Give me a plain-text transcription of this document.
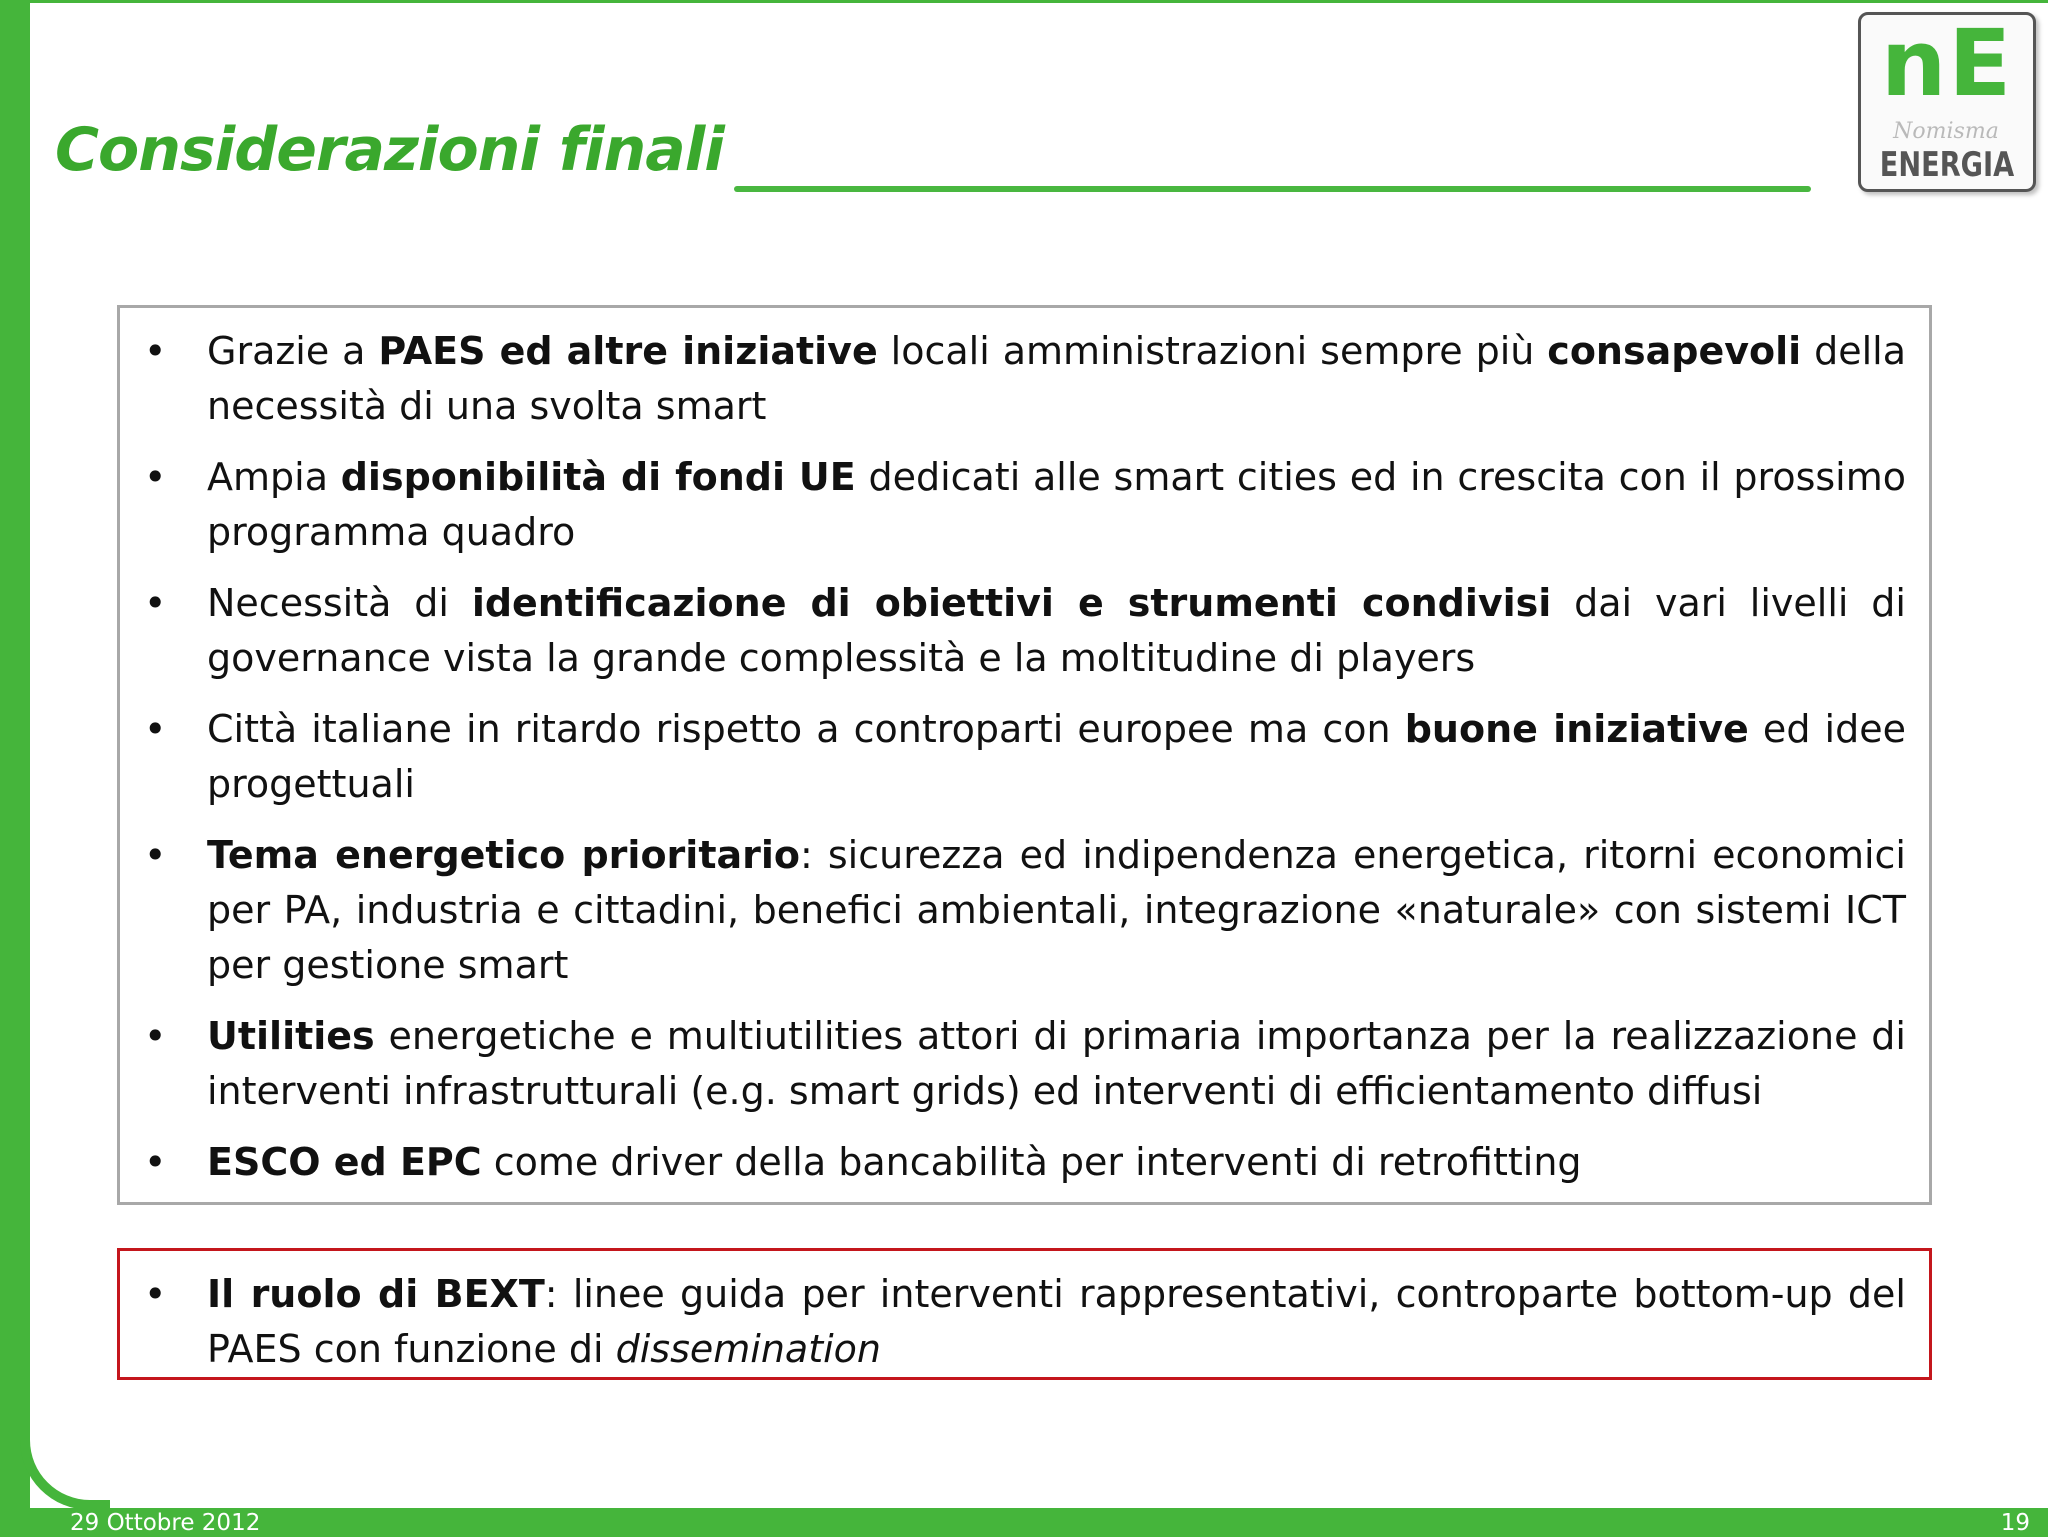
Considerazioni finali
nE
Nomisma
ENERGIA
• Grazie a PAES ed altre iniziative locali amministrazioni sempre più consapevoli della necessità di una svolta smart
• Ampia disponibilità di fondi UE dedicati alle smart cities ed in crescita con il prossimo programma quadro
• Necessità di identificazione di obiettivi e strumenti condivisi dai vari livelli di governance vista la grande complessità e la moltitudine di players
• Città italiane in ritardo rispetto a controparti europee ma con buone iniziative ed idee progettuali
• Tema energetico prioritario: sicurezza ed indipendenza energetica, ritorni economici per PA, industria e cittadini, benefici ambientali, integrazione «naturale» con sistemi ICT per gestione smart
• Utilities energetiche e multiutilities attori di primaria importanza per la realizzazione di interventi infrastrutturali (e.g. smart grids) ed interventi di efficientamento diffusi
• ESCO ed EPC come driver della bancabilità per interventi di retrofitting
• Il ruolo di BEXT: linee guida per interventi rappresentativi, controparte bottom-up del PAES con funzione di dissemination
29 Ottobre 2012	19
